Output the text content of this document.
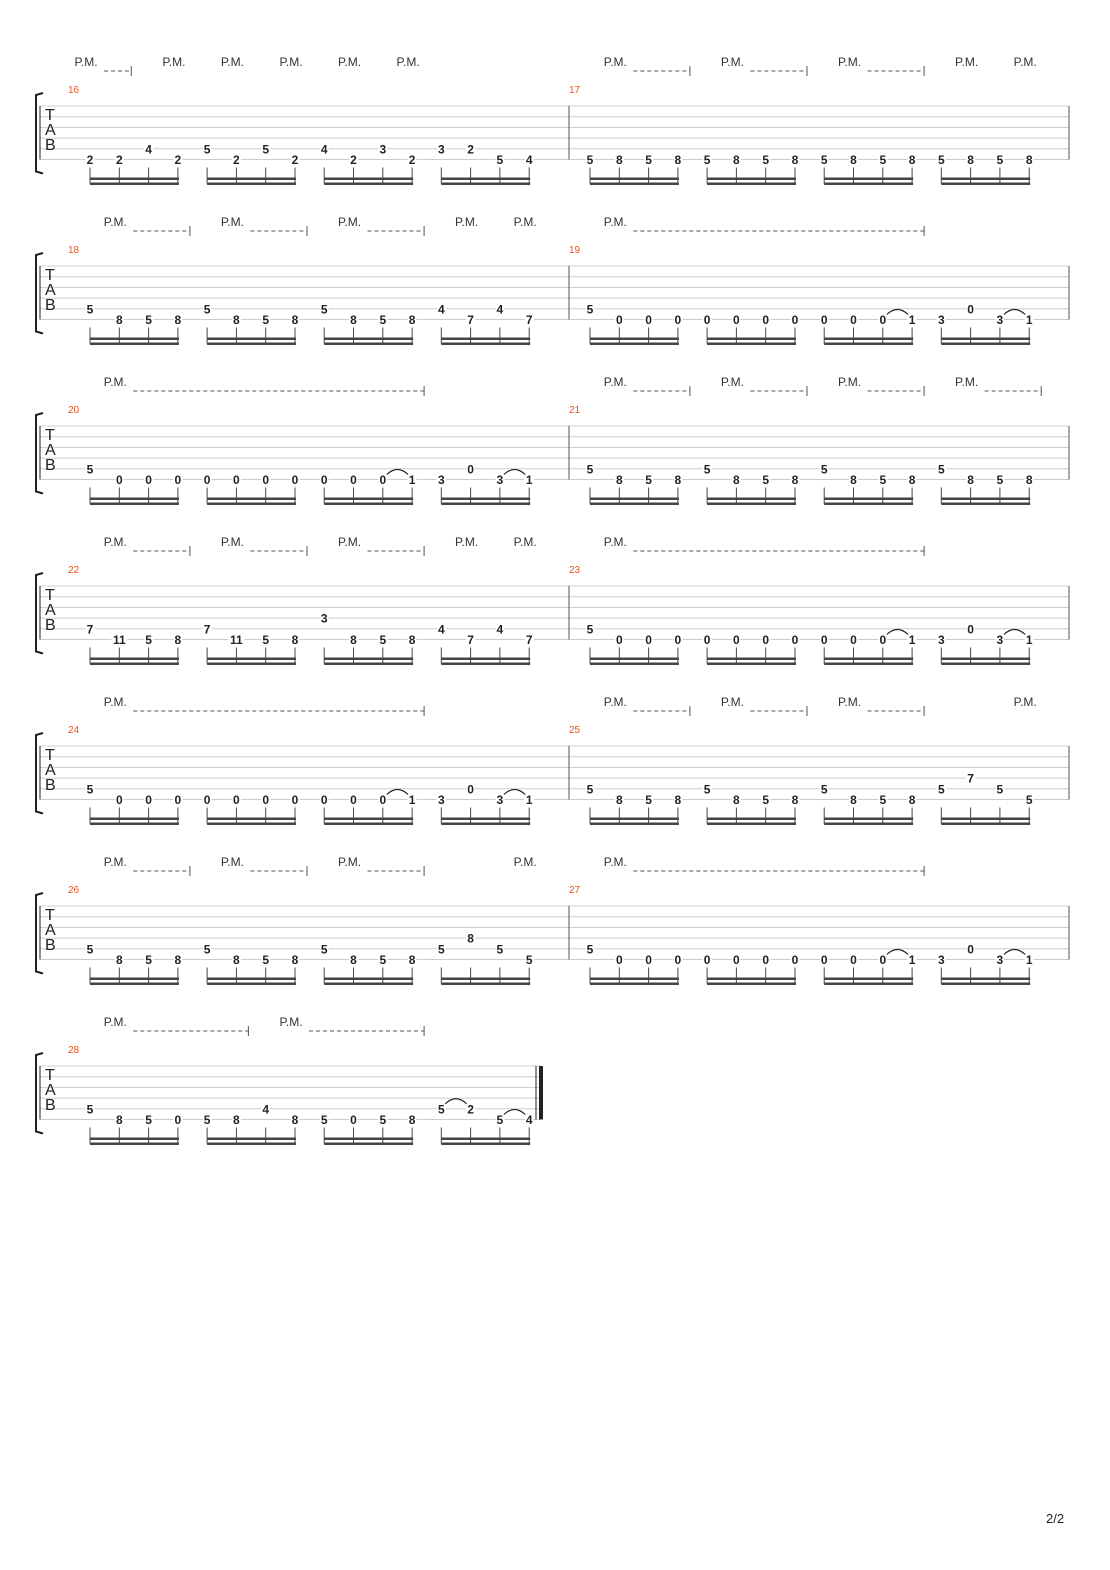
T
A
B
16
2 2
4
2
5
2
5
2
4
2
3
2
3 2
5 4
P.M.	P.M.	P.M.	P.M.	P.M.	P.M.
17
5 8 5 8 5 8 5 8 5 8 5 8 5 8 5 8
P.M.	P.M.	P.M.	P.M.	P.M.
T
A
B
18
5
8 5 8
5
8 5 8
5
8 5 8
4
7
4
7
P.M.	P.M.	P.M.	P.M.	P.M.
19
5
0 0 0 0 0 0 0 0 0 0 1 3
0
3 1
P.M.
T
A
B
20
5
0 0 0 0 0 0 0 0 0 0 1 3
0
3 1
P.M.
21
5
8 5 8
5
8 5 8
5
8 5 8
5
8 5 8
P.M.	P.M.	P.M.	P.M.
T
A
B
22
7
11 5 8
7
11 5 8
3
8 5 8
4
7
4
7
P.M.	P.M.	P.M.	P.M.	P.M.
23
5
0 0 0 0 0 0 0 0 0 0 1 3
0
3 1
P.M.
T
A
B
24
5
0 0 0 0 0 0 0 0 0 0 1 3
0
3 1
P.M.
25
5
8 5 8
5
8 5 8
5
8 5 8
5
7
5
5
P.M.	P.M.	P.M.	P.M.
T
A
B
26
5
8 5 8
5
8 5 8
5
8 5 8
5
8
5
5
P.M.	P.M.	P.M.	P.M.
27
5
0 0 0 0 0 0 0 0 0 0 1 3
0
3 1
P.M.
T
A
B
28
5
8 5 0 5 8
4
8 5 0 5 8
5 2
5 4
P.M.	P.M.
2/2
